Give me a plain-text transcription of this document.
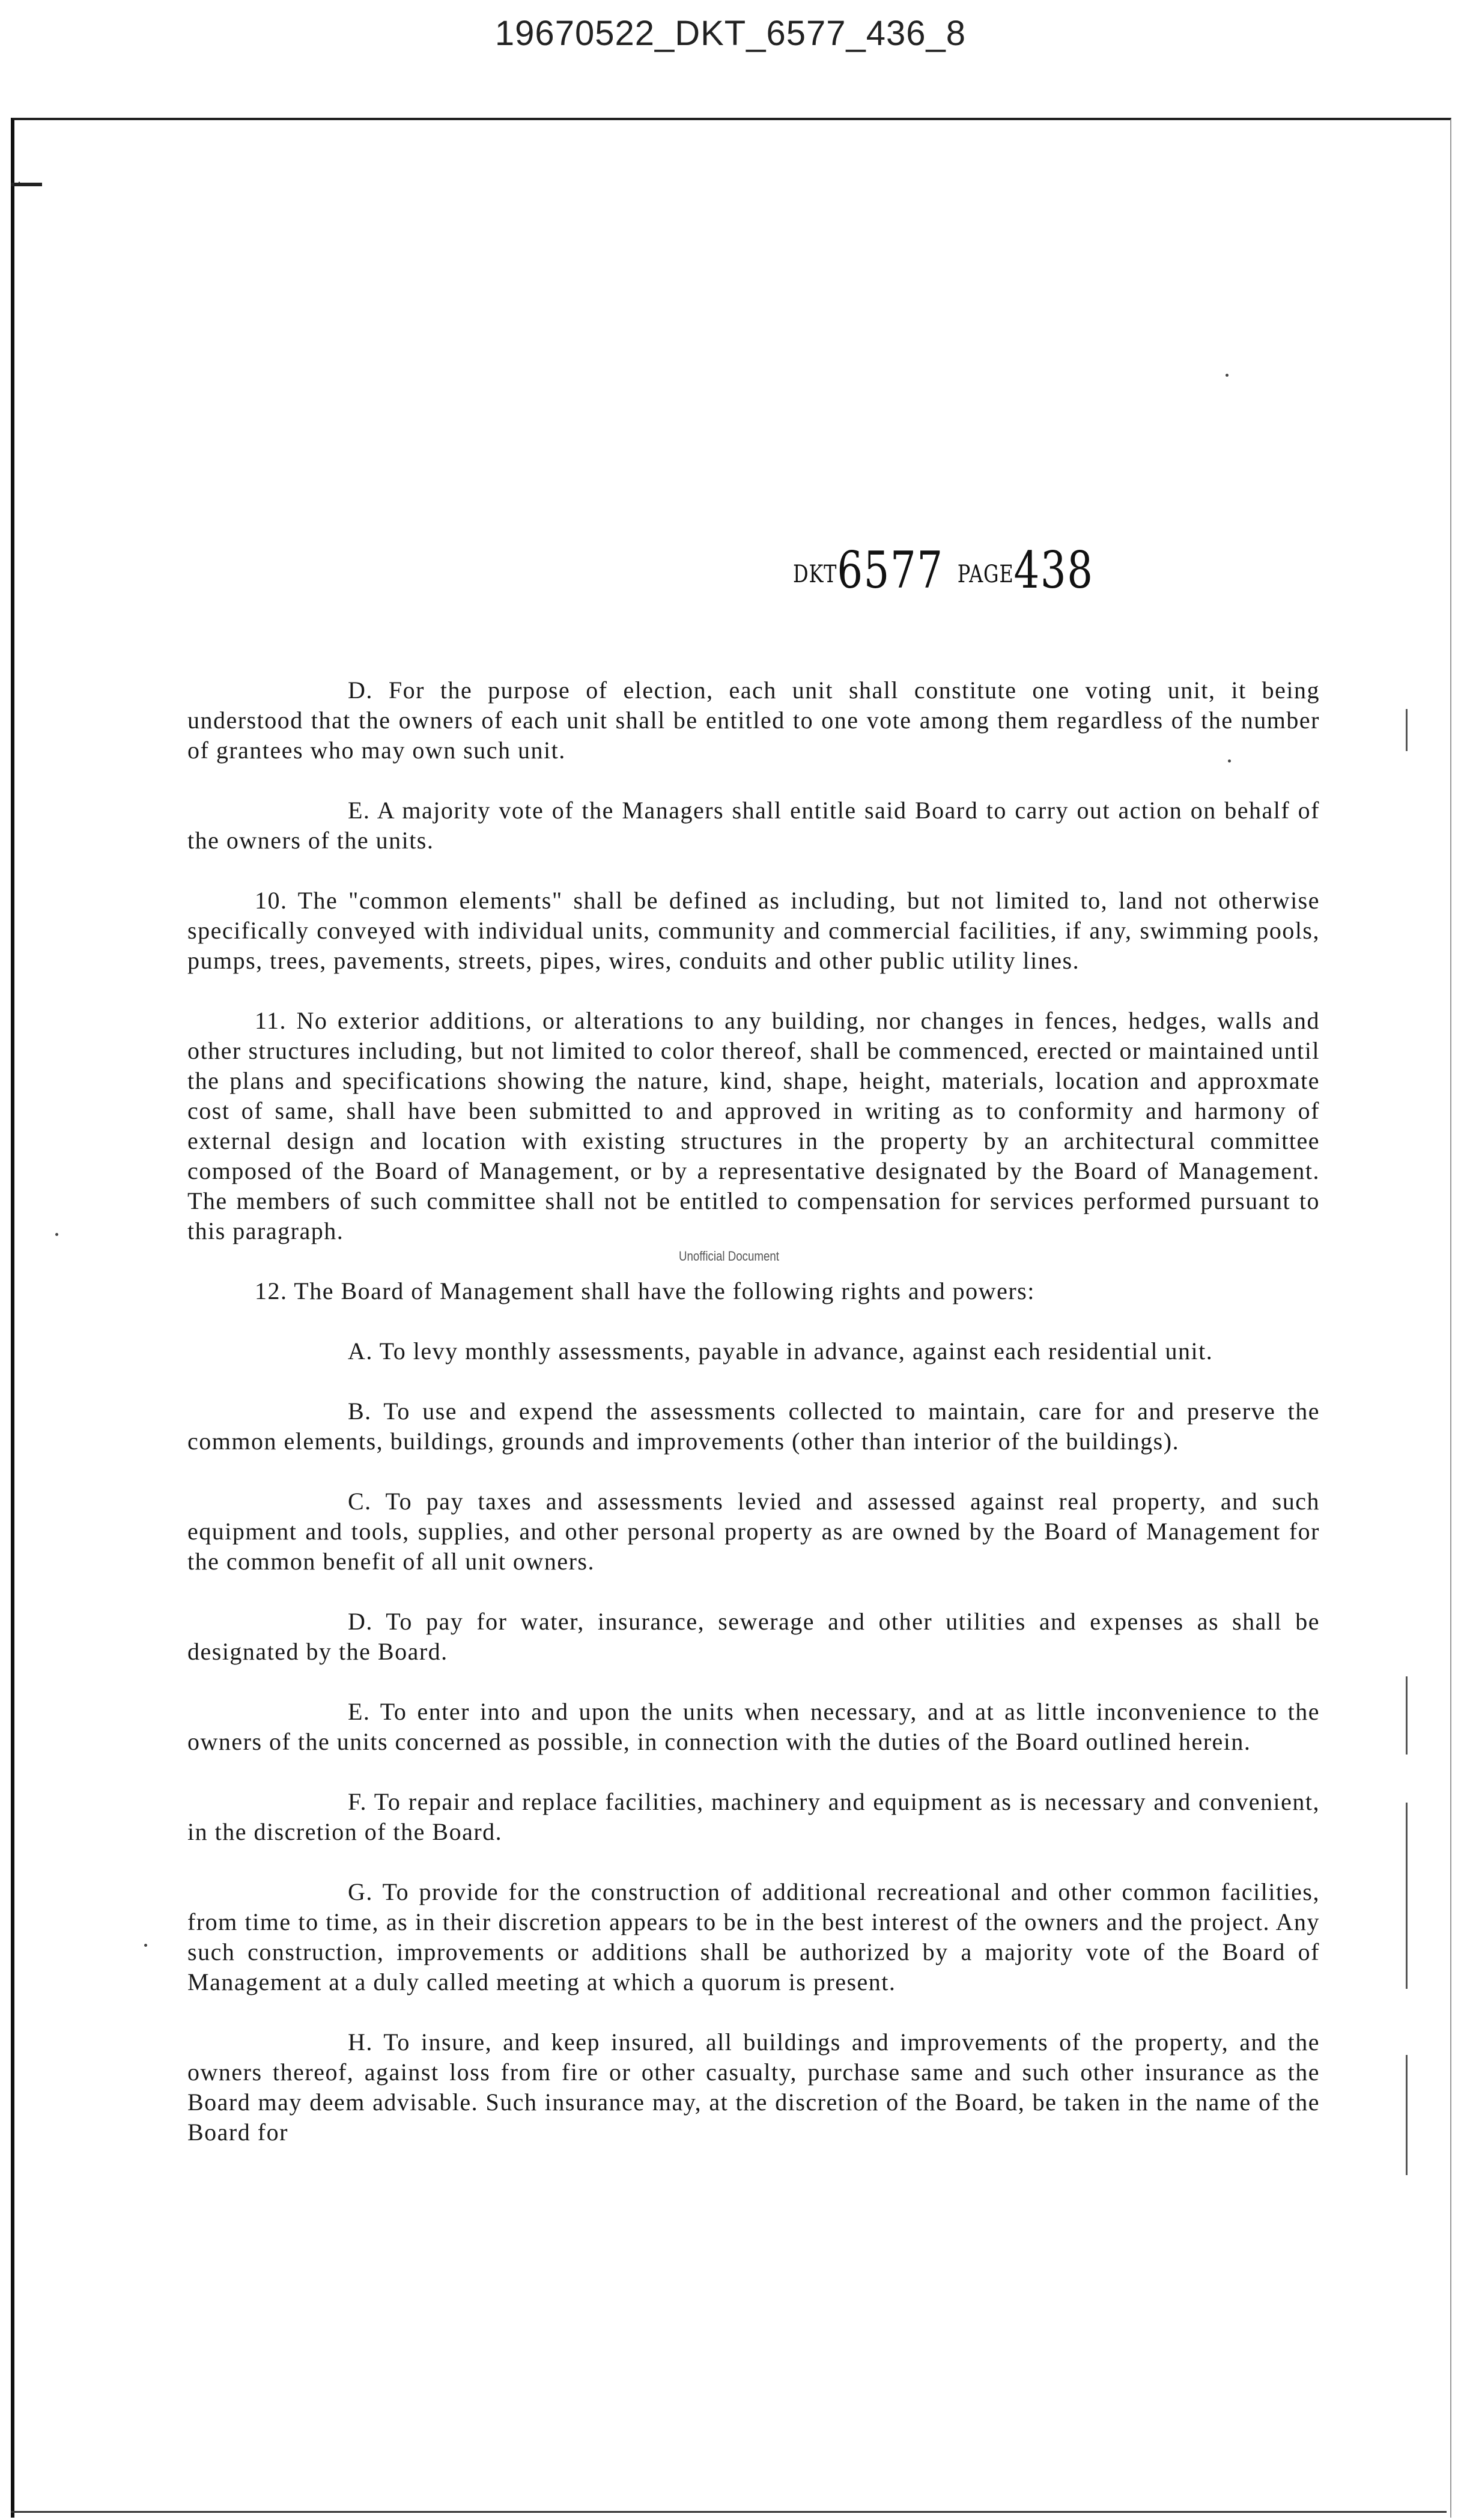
19670522_DKT_6577_436_8
DKT6577 PAGE438
Unofficial Document

D. For the purpose of election, each unit shall constitute one voting unit, it being understood that the owners of each unit shall be entitled to one vote among them regardless of the number of grantees who may own such unit.

E. A majority vote of the Managers shall entitle said Board to carry out action on behalf of the owners of the units.

10. The "common elements" shall be defined as including, but not limited to, land not otherwise specifically conveyed with individual units, community and commercial facilities, if any, swimming pools, pumps, trees, pavements, streets, pipes, wires, conduits and other public utility lines.

11. No exterior additions, or alterations to any building, nor changes in fences, hedges, walls and other structures including, but not limited to color thereof, shall be commenced, erected or maintained until the plans and specifications showing the nature, kind, shape, height, materials, location and approxmate cost of same, shall have been submitted to and approved in writing as to conformity and harmony of external design and location with existing structures in the property by an architectural committee composed of the Board of Management, or by a representative designated by the Board of Management. The members of such committee shall not be entitled to compensation for services performed pursuant to this paragraph.

12. The Board of Management shall have the following rights and powers:

A. To levy monthly assessments, payable in advance, against each residential unit.

B. To use and expend the assessments collected to maintain, care for and preserve the common elements, buildings, grounds and improvements (other than interior of the buildings).

C. To pay taxes and assessments levied and assessed against real property, and such equipment and tools, supplies, and other personal property as are owned by the Board of Management for the common benefit of all unit owners.

D. To pay for water, insurance, sewerage and other utilities and expenses as shall be designated by the Board.

E. To enter into and upon the units when necessary, and at as little inconvenience to the owners of the units concerned as possible, in connection with the duties of the Board outlined herein.

F. To repair and replace facilities, machinery and equipment as is necessary and convenient, in the discretion of the Board.

G. To provide for the construction of additional recreational and other common facilities, from time to time, as in their discretion appears to be in the best interest of the owners and the project. Any such construction, improvements or additions shall be authorized by a majority vote of the Board of Management at a duly called meeting at which a quorum is present.

H. To insure, and keep insured, all buildings and improvements of the property, and the owners thereof, against loss from fire or other casualty, purchase same and such other insurance as the Board may deem advisable. Such insurance may, at the discretion of the Board, be taken in the name of the Board for
